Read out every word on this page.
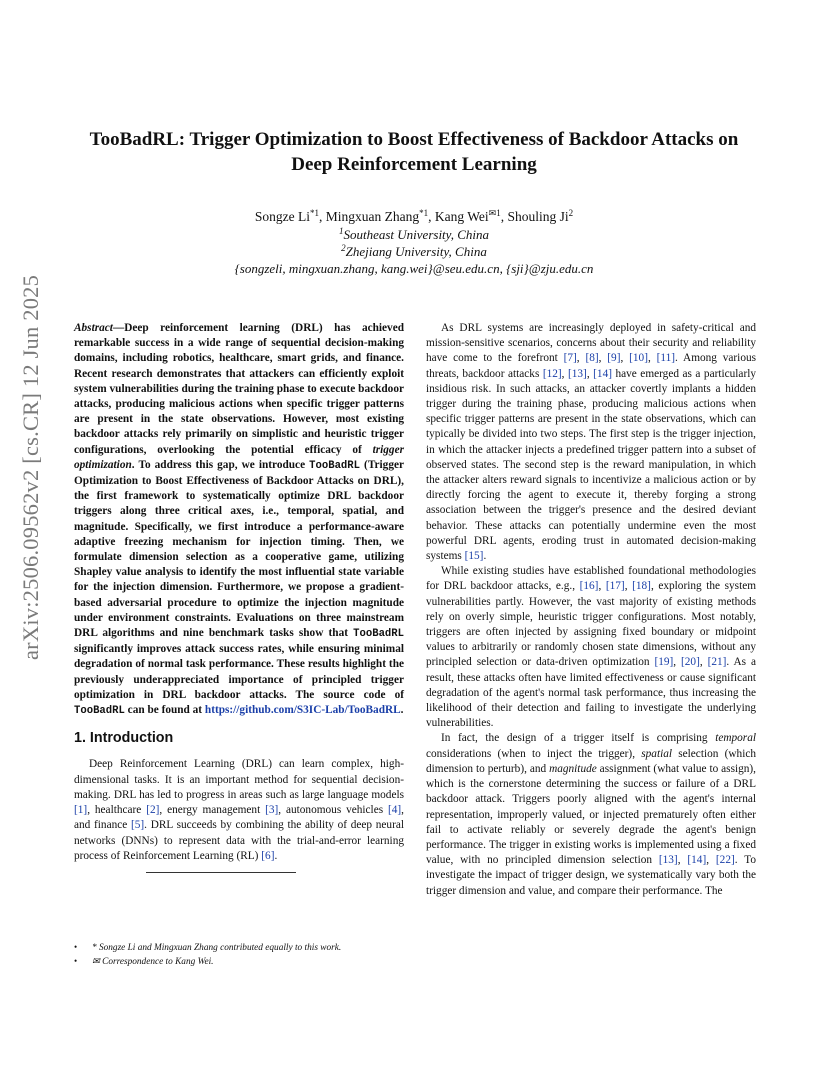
arXiv:2506.09562v2 [cs.CR] 12 Jun 2025
TooBadRL: Trigger Optimization to Boost Effectiveness of Backdoor Attacks on
Deep Reinforcement Learning
Songze Li$^{*1}$, Mingxuan Zhang$^{*1}$, Kang Wei$^{✉1}$, Shouling Ji$^2$
$^1$Southeast University, China
$^2$Zhejiang University, China
{songzeli, mingxuan.zhang, kang.wei}@seu.edu.cn, {sji}@zju.edu.cn
Abstract—Deep reinforcement learning (DRL) has achieved remarkable success in a wide range of sequential decision-making domains, including robotics, healthcare, smart grids, and finance. Recent research demonstrates that attackers can efficiently exploit system vulnerabilities during the training phase to execute backdoor attacks, producing malicious actions when specific trigger patterns are present in the state observations. However, most existing backdoor attacks rely primarily on simplistic and heuristic trigger configurations, overlooking the potential efficacy of trigger optimization. To address this gap, we introduce TooBadRL (Trigger Optimization to Boost Effectiveness of Backdoor Attacks on DRL), the first framework to systematically optimize DRL backdoor triggers along three critical axes, i.e., temporal, spatial, and magnitude. Specifically, we first introduce a performance-aware adaptive freezing mechanism for injection timing. Then, we formulate dimension selection as a cooperative game, utilizing Shapley value analysis to identify the most influential state variable for the injection dimension. Furthermore, we propose a gradient-based adversarial procedure to optimize the injection magnitude under environment constraints. Evaluations on three mainstream DRL algorithms and nine benchmark tasks show that TooBadRL significantly improves attack success rates, while ensuring minimal degradation of normal task performance. These results highlight the previously underappreciated importance of principled trigger optimization in DRL backdoor attacks. The source code of TooBadRL can be found at https://github.com/S3IC-Lab/TooBadRL.
1. Introduction

Deep Reinforcement Learning (DRL) can learn complex, high-dimensional tasks. It is an important method for sequential decision-making. DRL has led to progress in areas such as large language models [1], healthcare [2], energy management [3], autonomous vehicles [4], and finance [5]. DRL succeeds by combining the ability of deep neural networks (DNNs) to represent data with the trial-and-error learning process of Reinforcement Learning (RL) [6].

•	* Songze Li and Mingxuan Zhang contributed equally to this work.
•	✉ Correspondence to Kang Wei.

As DRL systems are increasingly deployed in safety-critical and mission-sensitive scenarios, concerns about their security and reliability have come to the forefront [7], [8], [9], [10], [11]. Among various threats, backdoor attacks [12], [13], [14] have emerged as a particularly insidious risk. In such attacks, an attacker covertly implants a hidden trigger during the training phase, producing malicious actions when specific trigger patterns are present in the state observations, which can typically be divided into two steps. The first step is the trigger injection, in which the attacker injects a predefined trigger pattern into a subset of observed states. The second step is the reward manipulation, in which the attacker alters reward signals to incentivize a malicious action or by directly forcing the agent to execute it, thereby forging a strong association between the trigger's presence and the desired deviant behavior. These attacks can potentially undermine even the most powerful DRL agents, eroding trust in automated decision-making systems [15].

While existing studies have established foundational methodologies for DRL backdoor attacks, e.g., [16], [17], [18], exploring the system vulnerabilities partly. However, the vast majority of existing methods rely on overly simple, heuristic trigger configurations. Most notably, triggers are often injected by assigning fixed boundary or midpoint values to arbitrarily or randomly chosen state dimensions, without any principled selection or data-driven optimization [19], [20], [21]. As a result, these attacks often have limited effectiveness or cause significant degradation of the agent's normal task performance, thus increasing the likelihood of their detection and failing to investigate the underlying vulnerabilities.

In fact, the design of a trigger itself is comprising temporal considerations (when to inject the trigger), spatial selection (which dimension to perturb), and magnitude assignment (what value to assign), which is the cornerstone determining the success or failure of a DRL backdoor attack. Triggers poorly aligned with the agent's internal representation, improperly valued, or injected prematurely often either fail to activate reliably or severely degrade the agent's benign performance. The trigger in existing works is implemented using a fixed value, with no principled dimension selection [13], [14], [22]. To investigate the impact of trigger design, we systematically vary both the trigger dimension and value, and compare their performance. The
